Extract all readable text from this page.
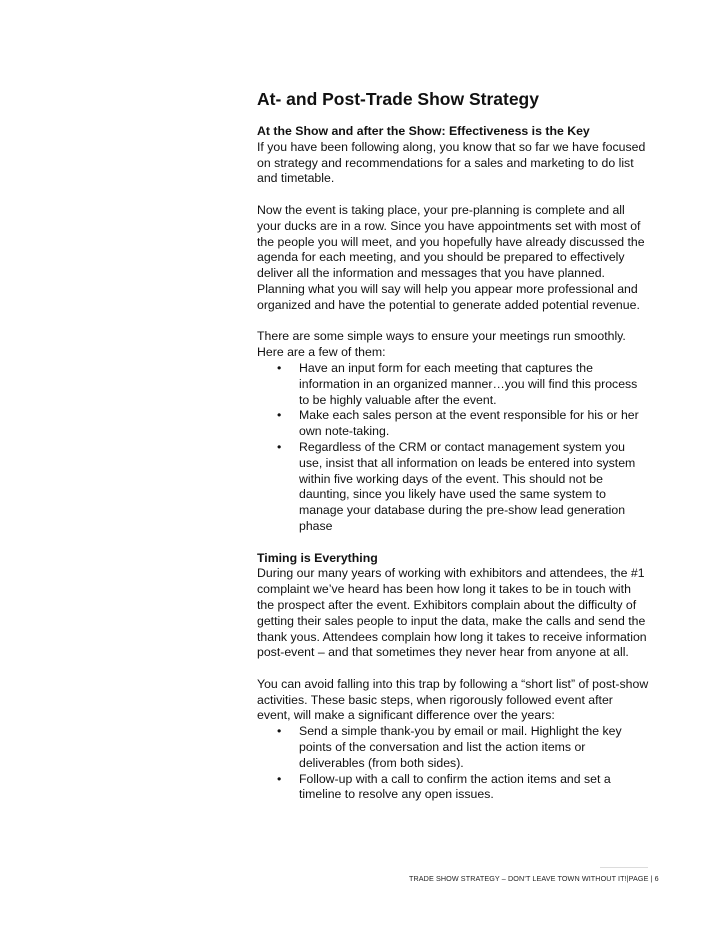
At- and Post-Trade Show Strategy
At the Show and after the Show: Effectiveness is the Key

If you have been following along, you know that so far we have focused on strategy and recommendations for a sales and marketing to do list and timetable.

Now the event is taking place, your pre-planning is complete and all your ducks are in a row. Since you have appointments set with most of the people you will meet, and you hopefully have already discussed the agenda for each meeting, and you should be prepared to effectively deliver all the information and messages that you have planned. Planning what you will say will help you appear more professional and organized and have the potential to generate added potential revenue.

There are some simple ways to ensure your meetings run smoothly. Here are a few of them:

• Have an input form for each meeting that captures the information in an organized manner…you will find this process to be highly valuable after the event.
• Make each sales person at the event responsible for his or her own note-taking.
• Regardless of the CRM or contact management system you use, insist that all information on leads be entered into system within five working days of the event. This should not be daunting, since you likely have used the same system to manage your database during the pre-show lead generation phase
Timing is Everything

During our many years of working with exhibitors and attendees, the #1 complaint we’ve heard has been how long it takes to be in touch with the prospect after the event. Exhibitors complain about the difficulty of getting their sales people to input the data, make the calls and send the thank yous. Attendees complain how long it takes to receive information post-event – and that sometimes they never hear from anyone at all.

You can avoid falling into this trap by following a “short list” of post-show activities. These basic steps, when rigorously followed event after event, will make a significant difference over the years:

• Send a simple thank-you by email or mail. Highlight the key points of the conversation and list the action items or deliverables (from both sides).
• Follow-up with a call to confirm the action items and set a timeline to resolve any open issues.
TRADE SHOW STRATEGY – DON’T LEAVE TOWN WITHOUT IT!|PAGE | 6
